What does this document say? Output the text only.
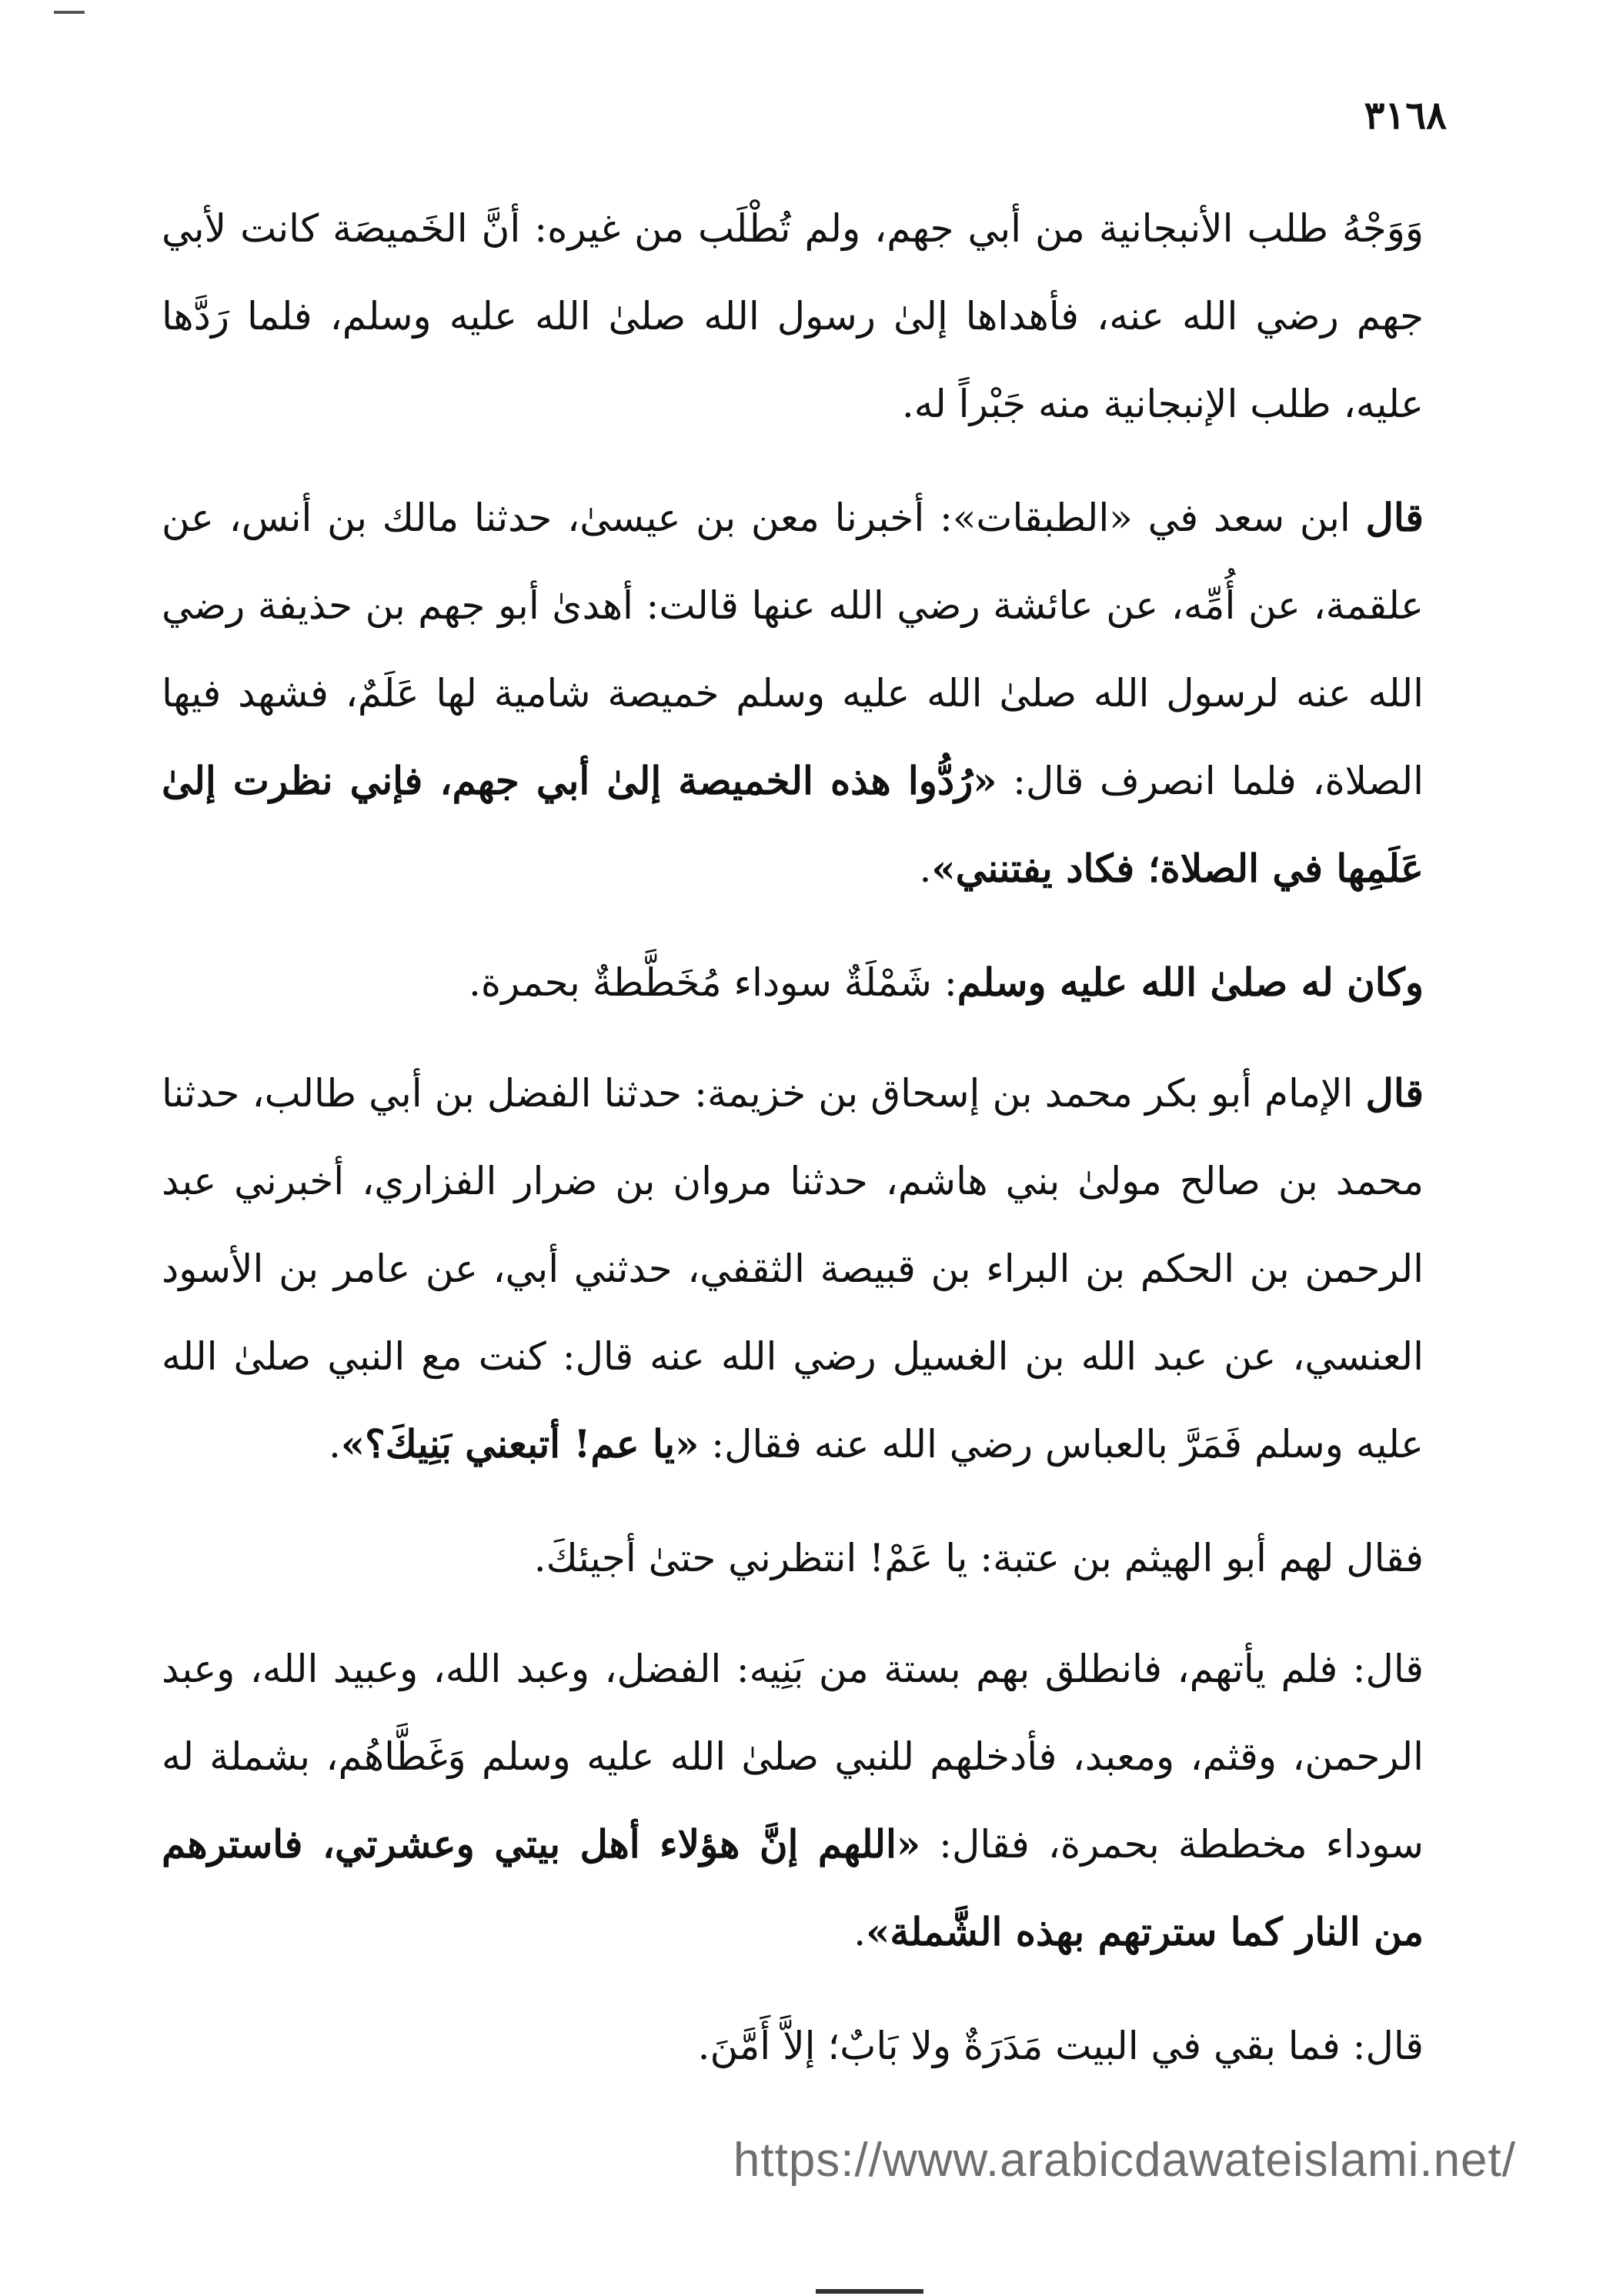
٣١٦٨

وَوَجْهُ طلب الأنبجانية من أبي جهم، ولم تُطْلَب من غيره: أنَّ الخَميصَة كانت لأبي جهم رضي الله عنه، فأهداها إلىٰ رسول الله صلىٰ الله عليه وسلم، فلما رَدَّها عليه، طلب الإنبجانية منه جَبْراً له.

قال ابن سعد في «الطبقات»: أخبرنا معن بن عيسىٰ، حدثنا مالك بن أنس، عن علقمة، عن أُمِّه، عن عائشة رضي الله عنها قالت: أهدىٰ أبو جهم بن حذيفة رضي الله عنه لرسول الله صلىٰ الله عليه وسلم خميصة شامية لها عَلَمٌ، فشهد فيها الصلاة، فلما انصرف قال: «رُدُّوا هذه الخميصة إلىٰ أبي جهم، فإني نظرت إلىٰ عَلَمِها في الصلاة؛ فكاد يفتنني».

وكان له صلىٰ الله عليه وسلم: شَمْلَةٌ سوداء مُخَطَّطةٌ بحمرة.

قال الإمام أبو بكر محمد بن إسحاق بن خزيمة: حدثنا الفضل بن أبي طالب، حدثنا محمد بن صالح مولىٰ بني هاشم، حدثنا مروان بن ضرار الفزاري، أخبرني عبد الرحمن بن الحكم بن البراء بن قبيصة الثقفي، حدثني أبي، عن عامر بن الأسود العنسي، عن عبد الله بن الغسيل رضي الله عنه قال: كنت مع النبي صلىٰ الله عليه وسلم فَمَرَّ بالعباس رضي الله عنه فقال: «يا عم! أتبعني بَنِيكَ؟».

فقال لهم أبو الهيثم بن عتبة: يا عَمْ! انتظرني حتىٰ أجيئكَ.

قال: فلم يأتهم، فانطلق بهم بستة من بَنِيه: الفضل، وعبد الله، وعبيد الله، وعبد الرحمن، وقثم، ومعبد، فأدخلهم للنبي صلىٰ الله عليه وسلم وَغَطَّاهُم، بشملة له سوداء مخططة بحمرة، فقال: «اللهم إنَّ هؤلاء أهل بيتي وعشرتي، فاسترهم من النار كما سترتهم بهذه الشَّملة».

قال: فما بقي في البيت مَدَرَةٌ ولا بَابٌ؛ إلاَّ أَمَّنَ.

https://www.arabicdawateislami.net/
